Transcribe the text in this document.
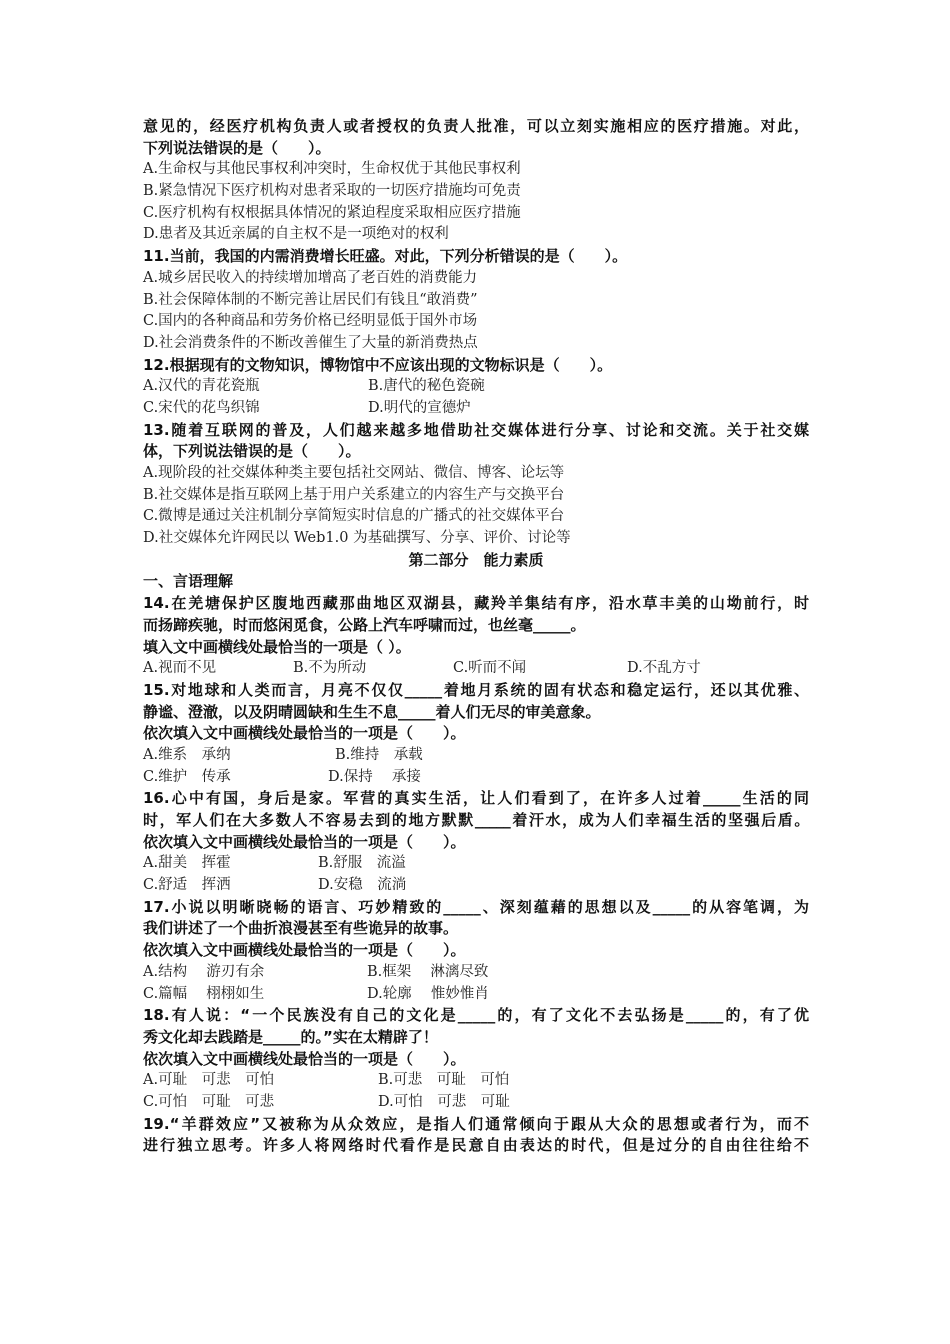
意见的，经医疗机构负责人或者授权的负责人批准，可以立刻实施相应的医疗措施。对此，
下列说法错误的是（　　）。
A.生命权与其他民事权利冲突时，生命权优于其他民事权利
B.紧急情况下医疗机构对患者采取的一切医疗措施均可免责
C.医疗机构有权根据具体情况的紧迫程度采取相应医疗措施
D.患者及其近亲属的自主权不是一项绝对的权利
11.当前，我国的内需消费增长旺盛。对此，下列分析错误的是（　　）。
A.城乡居民收入的持续增加增高了老百姓的消费能力
B.社会保障体制的不断完善让居民们有钱且“敢消费”
C.国内的各种商品和劳务价格已经明显低于国外市场
D.社会消费条件的不断改善催生了大量的新消费热点
12.根据现有的文物知识，博物馆中不应该出现的文物标识是（　　）。
A.汉代的青花瓷瓶	B.唐代的秘色瓷碗
C.宋代的花鸟织锦	D.明代的宣德炉
13.随着互联网的普及，人们越来越多地借助社交媒体进行分享、讨论和交流。关于社交媒
体，下列说法错误的是（　　）。
A.现阶段的社交媒体种类主要包括社交网站、微信、博客、论坛等
B.社交媒体是指互联网上基于用户关系建立的内容生产与交换平台
C.微博是通过关注机制分享简短实时信息的广播式的社交媒体平台
D.社交媒体允许网民以 Web1.0 为基础撰写、分享、评价、讨论等
第二部分　能力素质
一、言语理解
14.在羌塘保护区腹地西藏那曲地区双湖县，藏羚羊集结有序，沿水草丰美的山坳前行，时
而扬蹄疾驰，时而悠闲觅食，公路上汽车呼啸而过，也丝毫_____。
填入文中画横线处最恰当的一项是（ ）。
A.视而不见	B.不为所动	C.听而不闻	D.不乱方寸
15.对地球和人类而言，月亮不仅仅_____着地月系统的固有状态和稳定运行，还以其优雅、
静谧、澄澈，以及阴晴圆缺和生生不息_____着人们无尽的审美意象。
依次填入文中画横线处最恰当的一项是（　　）。
A.维系　承纳	B.维持　承载
C.维护　传承	D.保持　 承接
16.心中有国，身后是家。军营的真实生活，让人们看到了，在许多人过着_____生活的同
时，军人们在大多数人不容易去到的地方默默_____着汗水，成为人们幸福生活的坚强后盾。
依次填入文中画横线处最恰当的一项是（　　）。
A.甜美　挥霍	B.舒服　流溢
C.舒适　挥洒	D.安稳　流淌
17.小说以明晰晓畅的语言、巧妙精致的_____、深刻蕴藉的思想以及_____的从容笔调，为
我们讲述了一个曲折浪漫甚至有些诡异的故事。
依次填入文中画横线处最恰当的一项是（　　）。
A.结构　 游刃有余	B.框架　 淋漓尽致
C.篇幅　 栩栩如生	D.轮廓　 惟妙惟肖
18.有人说：“一个民族没有自己的文化是_____的，有了文化不去弘扬是_____的，有了优
秀文化却去践踏是_____的。”实在太精辟了！
依次填入文中画横线处最恰当的一项是（　　）。
A.可耻　可悲　可怕	B.可悲　可耻　可怕
C.可怕　可耻　可悲	D.可怕　可悲　可耻
19.“羊群效应”又被称为从众效应，是指人们通常倾向于跟从大众的思想或者行为，而不
进行独立思考。许多人将网络时代看作是民意自由表达的时代，但是过分的自由往往给不
